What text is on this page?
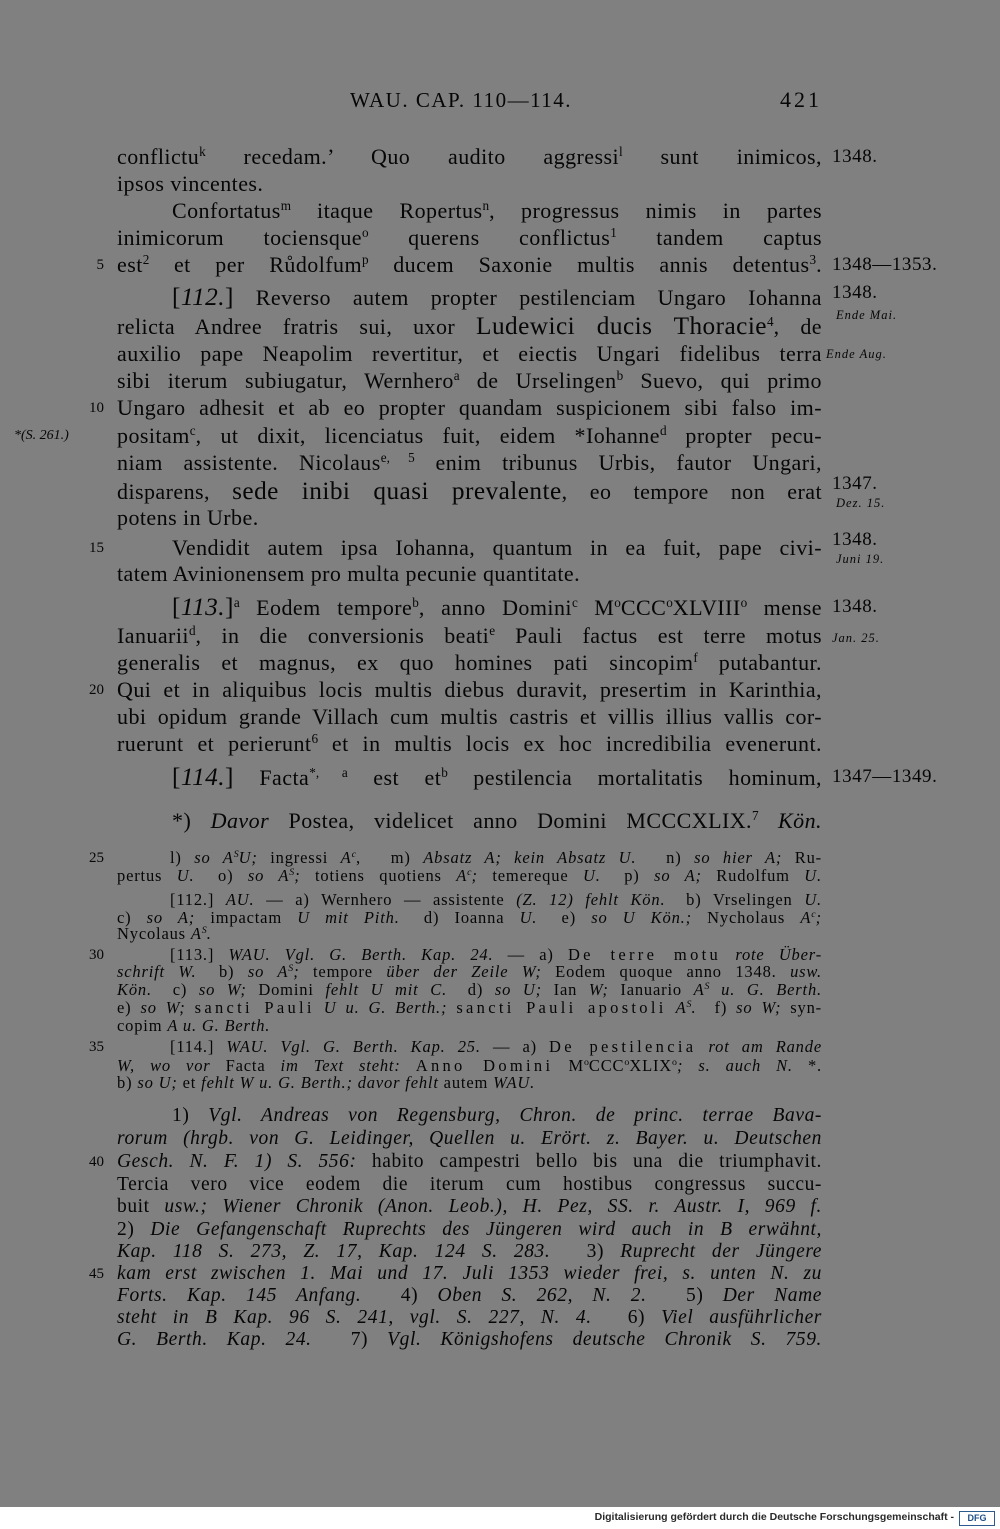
WAU. CAP. 110—114.	421
conflictu$^k$ recedam.’ Quo audito aggressi$^l$ sunt inimicos,
ipsos vincentes.
Confortatus$^m$ itaque Ropertus$^n$, progressus nimis in partes
inimicorum tociensque$^o$ querens conflictus$^1$ tandem captus
est$^2$ et per Růdolfum$^p$ ducem Saxonie multis annis detentus$^3$.
[112.] Reverso autem propter pestilenciam Ungaro Iohanna
relicta Andree fratris sui, uxor Ludewici ducis Thoracie$^4$, de
auxilio pape Neapolim revertitur, et eiectis Ungari fidelibus terra
sibi iterum subiugatur, Wernhero$^a$ de Urselingen$^b$ Suevo, qui primo
Ungaro adhesit et ab eo propter quandam suspicionem sibi falso im-
positam$^c$, ut dixit, licenciatus fuit, eidem *Iohanne$^d$ propter pecu-
niam assistente. Nicolaus$^{e, 5}$ enim tribunus Urbis, fautor Ungari,
disparens, sede inibi quasi prevalente, eo tempore non erat
potens in Urbe.
Vendidit autem ipsa Iohanna, quantum in ea fuit, pape civi-
tatem Avinionensem pro multa pecunie quantitate.
$[113.]^a$ Eodem tempore$^b$, anno Domini$^c$ $M^oCCC^oXLVIII^o$ mense
Ianuarii$^d$, in die conversionis beati$^e$ Pauli factus est terre motus
generalis et magnus, ex quo homines pati sincopim$^f$ putabantur.
Qui et in aliquibus locis multis diebus duravit, presertim in Karinthia,
ubi opidum grande Villach cum multis castris et villis illius vallis cor-
ruerunt et perierunt$^6$ et in multis locis ex hoc incredibilia evenerunt.
[114.] Facta$^{*, a}$ est $et^b$ pestilencia mortalitatis hominum,
*) Davor Postea, videlicet anno Domini MCCCXLIX.$^7$ Kön.
l) so $A^SU$; ingressi $A^c$,  m) Absatz A; kein Absatz U.  n) so hier A; Ru-
pertus U.  o) so $A^S$; totiens quotiens $A^c$; temereque U.  p) so A; Rudolfum U.
[112.] AU. — a) Wernhero — assistente (Z. 12) fehlt Kön.  b) Vrselingen U.
c) so A; impactam U mit Pith.  d) Ioanna U.  e) so U Kön.; Nycholaus $A^c$;
Nycolaus $A^S$.
[113.] WAU. Vgl. G. Berth. Kap. 24. — a) De terre motu rote Über-
schrift W.  b) so $A^S$; tempore über der Zeile W; Eodem quoque anno 1348. usw.
Kön.  c) so W; Domini fehlt U mit C.  d) so U; Ian W; Ianuario $A^S$ u. G. Berth.
e) so W; sancti Pauli U u. G. Berth.; sancti Pauli apostoli $A^S$.  f) so W; syn-
copim A u. G. Berth.
[114.] WAU. Vgl. G. Berth. Kap. 25. — a) De pestilencia rot am Rande
W, wo vor Facta im Text steht: Anno Domini $M^oCCC^oXLIX^o$; s. auch N. *.
b) so U; et fehlt W u. G. Berth.; davor fehlt autem WAU.
1) Vgl. Andreas von Regensburg, Chron. de princ. terrae Bava-
rorum (hrgb. von G. Leidinger, Quellen u. Erört. z. Bayer. u. Deutschen
Gesch. N. F. 1) S. 556: habito campestri bello bis una die triumphavit.
Tercia vero vice eodem die iterum cum hostibus congressus succu-
buit usw.; Wiener Chronik (Anon. Leob.), H. Pez, SS. r. Austr. I, 969 f.
2) Die Gefangenschaft Ruprechts des Jüngeren wird auch in B erwähnt,
Kap. 118 S. 273, Z. 17, Kap. 124 S. 283.  3) Ruprecht der Jüngere
kam erst zwischen 1. Mai und 17. Juli 1353 wieder frei, s. unten N. zu
Forts. Kap. 145 Anfang.  4) Oben S. 262, N. 2.  5) Der Name
steht in B Kap. 96 S. 241, vgl. S. 227, N. 4.  6) Viel ausführlicher
G. Berth. Kap. 24.  7) Vgl. Königshofens deutsche Chronik S. 759.
5
10
15
20
25
30
35
40
45
*(S. 261.)
1348.
1348—1353.
1348.
Ende Mai.
Ende Aug.
1347.
Dez. 15.
1348.
Juni 19.
1348.
Jan. 25.
1347—1349.
Digitalisierung gefördert durch die Deutsche Forschungsgemeinschaft -	DFG
